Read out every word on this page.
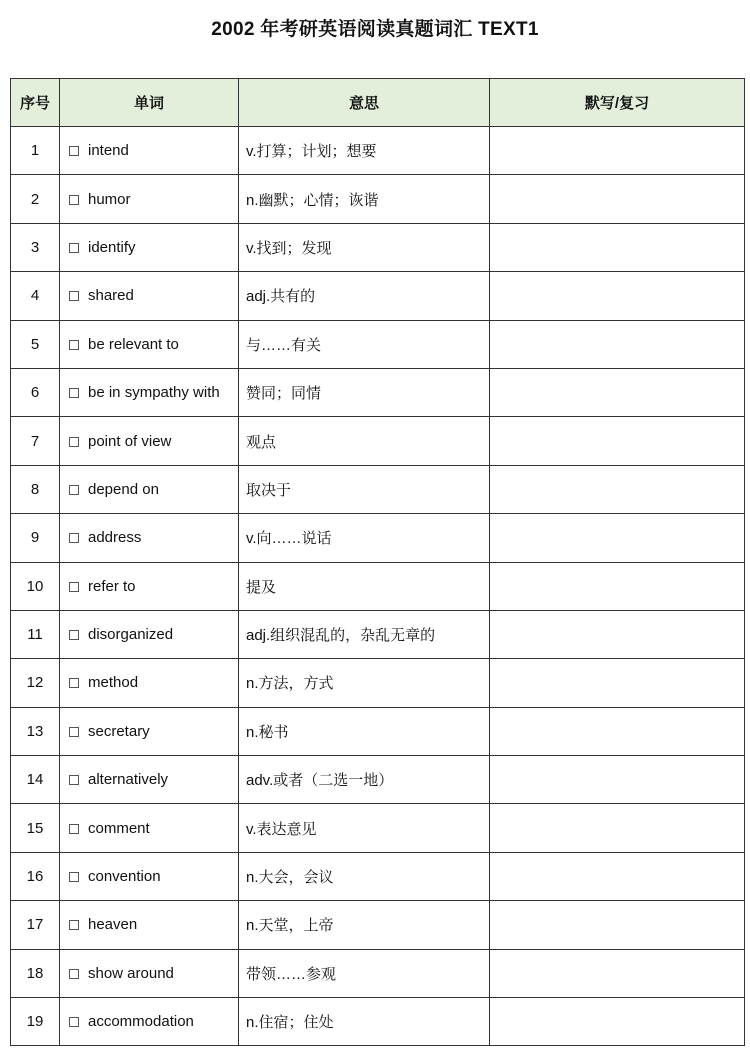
2002 年考研英语阅读真题词汇 TEXT1
序号	单词	意思	默写/复习
1	intend	v.打算；计划；想要	
2	humor	n.幽默；心情；诙谐	
3	identify	v.找到；发现	
4	shared	adj.共有的	
5	be relevant to	与……有关	
6	be in sympathy with	赞同；同情	
7	point of view	观点	
8	depend on	取决于	
9	address	v.向……说话	
10	refer to	提及	
11	disorganized	adj.组织混乱的，杂乱无章的	
12	method	n.方法，方式	
13	secretary	n.秘书	
14	alternatively	adv.或者（二选一地）	
15	comment	v.表达意见	
16	convention	n.大会，会议	
17	heaven	n.天堂，上帝	
18	show around	带领……参观	
19	accommodation	n.住宿；住处	
